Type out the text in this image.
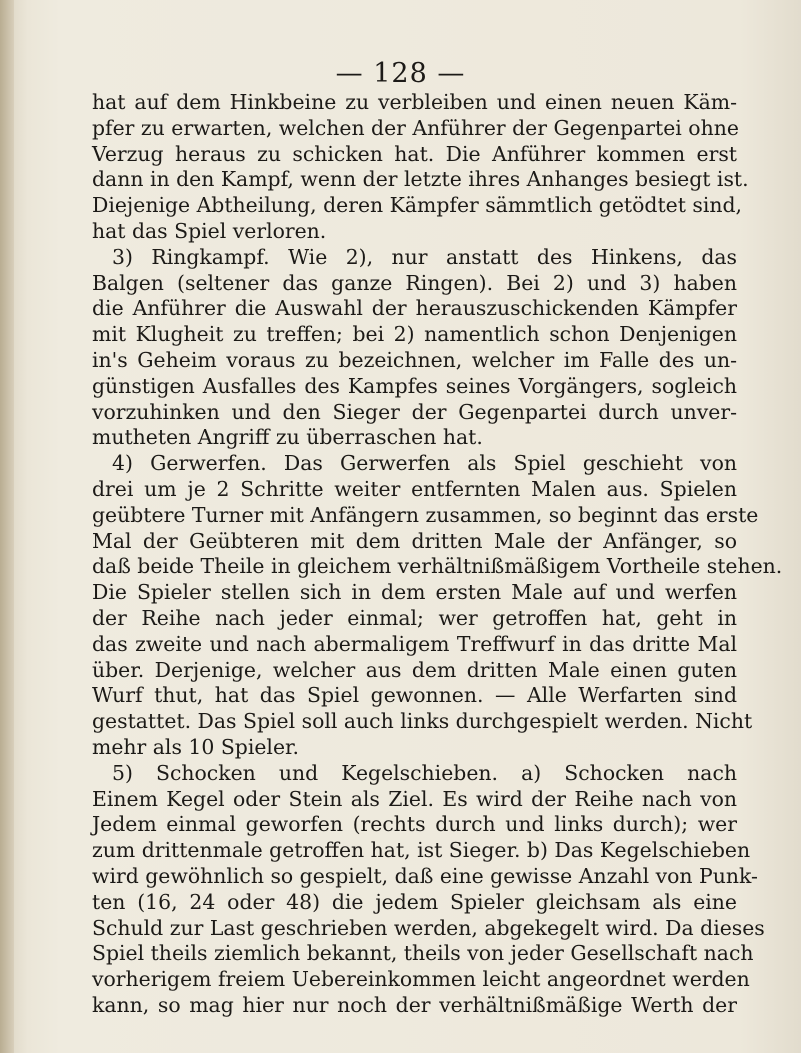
— 128 —
hat auf dem Hinkbeine zu verbleiben und einen neuen Käm-
pfer zu erwarten, welchen der Anführer der Gegenpartei ohne
Verzug heraus zu schicken hat. Die Anführer kommen erst
dann in den Kampf, wenn der letzte ihres Anhanges besiegt ist.
Diejenige Abtheilung, deren Kämpfer sämmtlich getödtet sind,
hat das Spiel verloren.
3) Ringkampf. Wie 2), nur anstatt des Hinkens, das
Balgen (seltener das ganze Ringen). Bei 2) und 3) haben
die Anführer die Auswahl der herauszuschickenden Kämpfer
mit Klugheit zu treffen; bei 2) namentlich schon Denjenigen
in's Geheim voraus zu bezeichnen, welcher im Falle des un-
günstigen Ausfalles des Kampfes seines Vorgängers, sogleich
vorzuhinken und den Sieger der Gegenpartei durch unver-
mutheten Angriff zu überraschen hat.
4) Gerwerfen. Das Gerwerfen als Spiel geschieht von
drei um je 2 Schritte weiter entfernten Malen aus. Spielen
geübtere Turner mit Anfängern zusammen, so beginnt das erste
Mal der Geübteren mit dem dritten Male der Anfänger, so
daß beide Theile in gleichem verhältnißmäßigem Vortheile stehen.
Die Spieler stellen sich in dem ersten Male auf und werfen
der Reihe nach jeder einmal; wer getroffen hat, geht in
das zweite und nach abermaligem Treffwurf in das dritte Mal
über. Derjenige, welcher aus dem dritten Male einen guten
Wurf thut, hat das Spiel gewonnen. — Alle Werfarten sind
gestattet. Das Spiel soll auch links durchgespielt werden. Nicht
mehr als 10 Spieler.
5) Schocken und Kegelschieben. a) Schocken nach
Einem Kegel oder Stein als Ziel. Es wird der Reihe nach von
Jedem einmal geworfen (rechts durch und links durch); wer
zum drittenmale getroffen hat, ist Sieger. b) Das Kegelschieben
wird gewöhnlich so gespielt, daß eine gewisse Anzahl von Punk-
ten (16, 24 oder 48) die jedem Spieler gleichsam als eine
Schuld zur Last geschrieben werden, abgekegelt wird. Da dieses
Spiel theils ziemlich bekannt, theils von jeder Gesellschaft nach
vorherigem freiem Uebereinkommen leicht angeordnet werden
kann, so mag hier nur noch der verhältnißmäßige Werth der
